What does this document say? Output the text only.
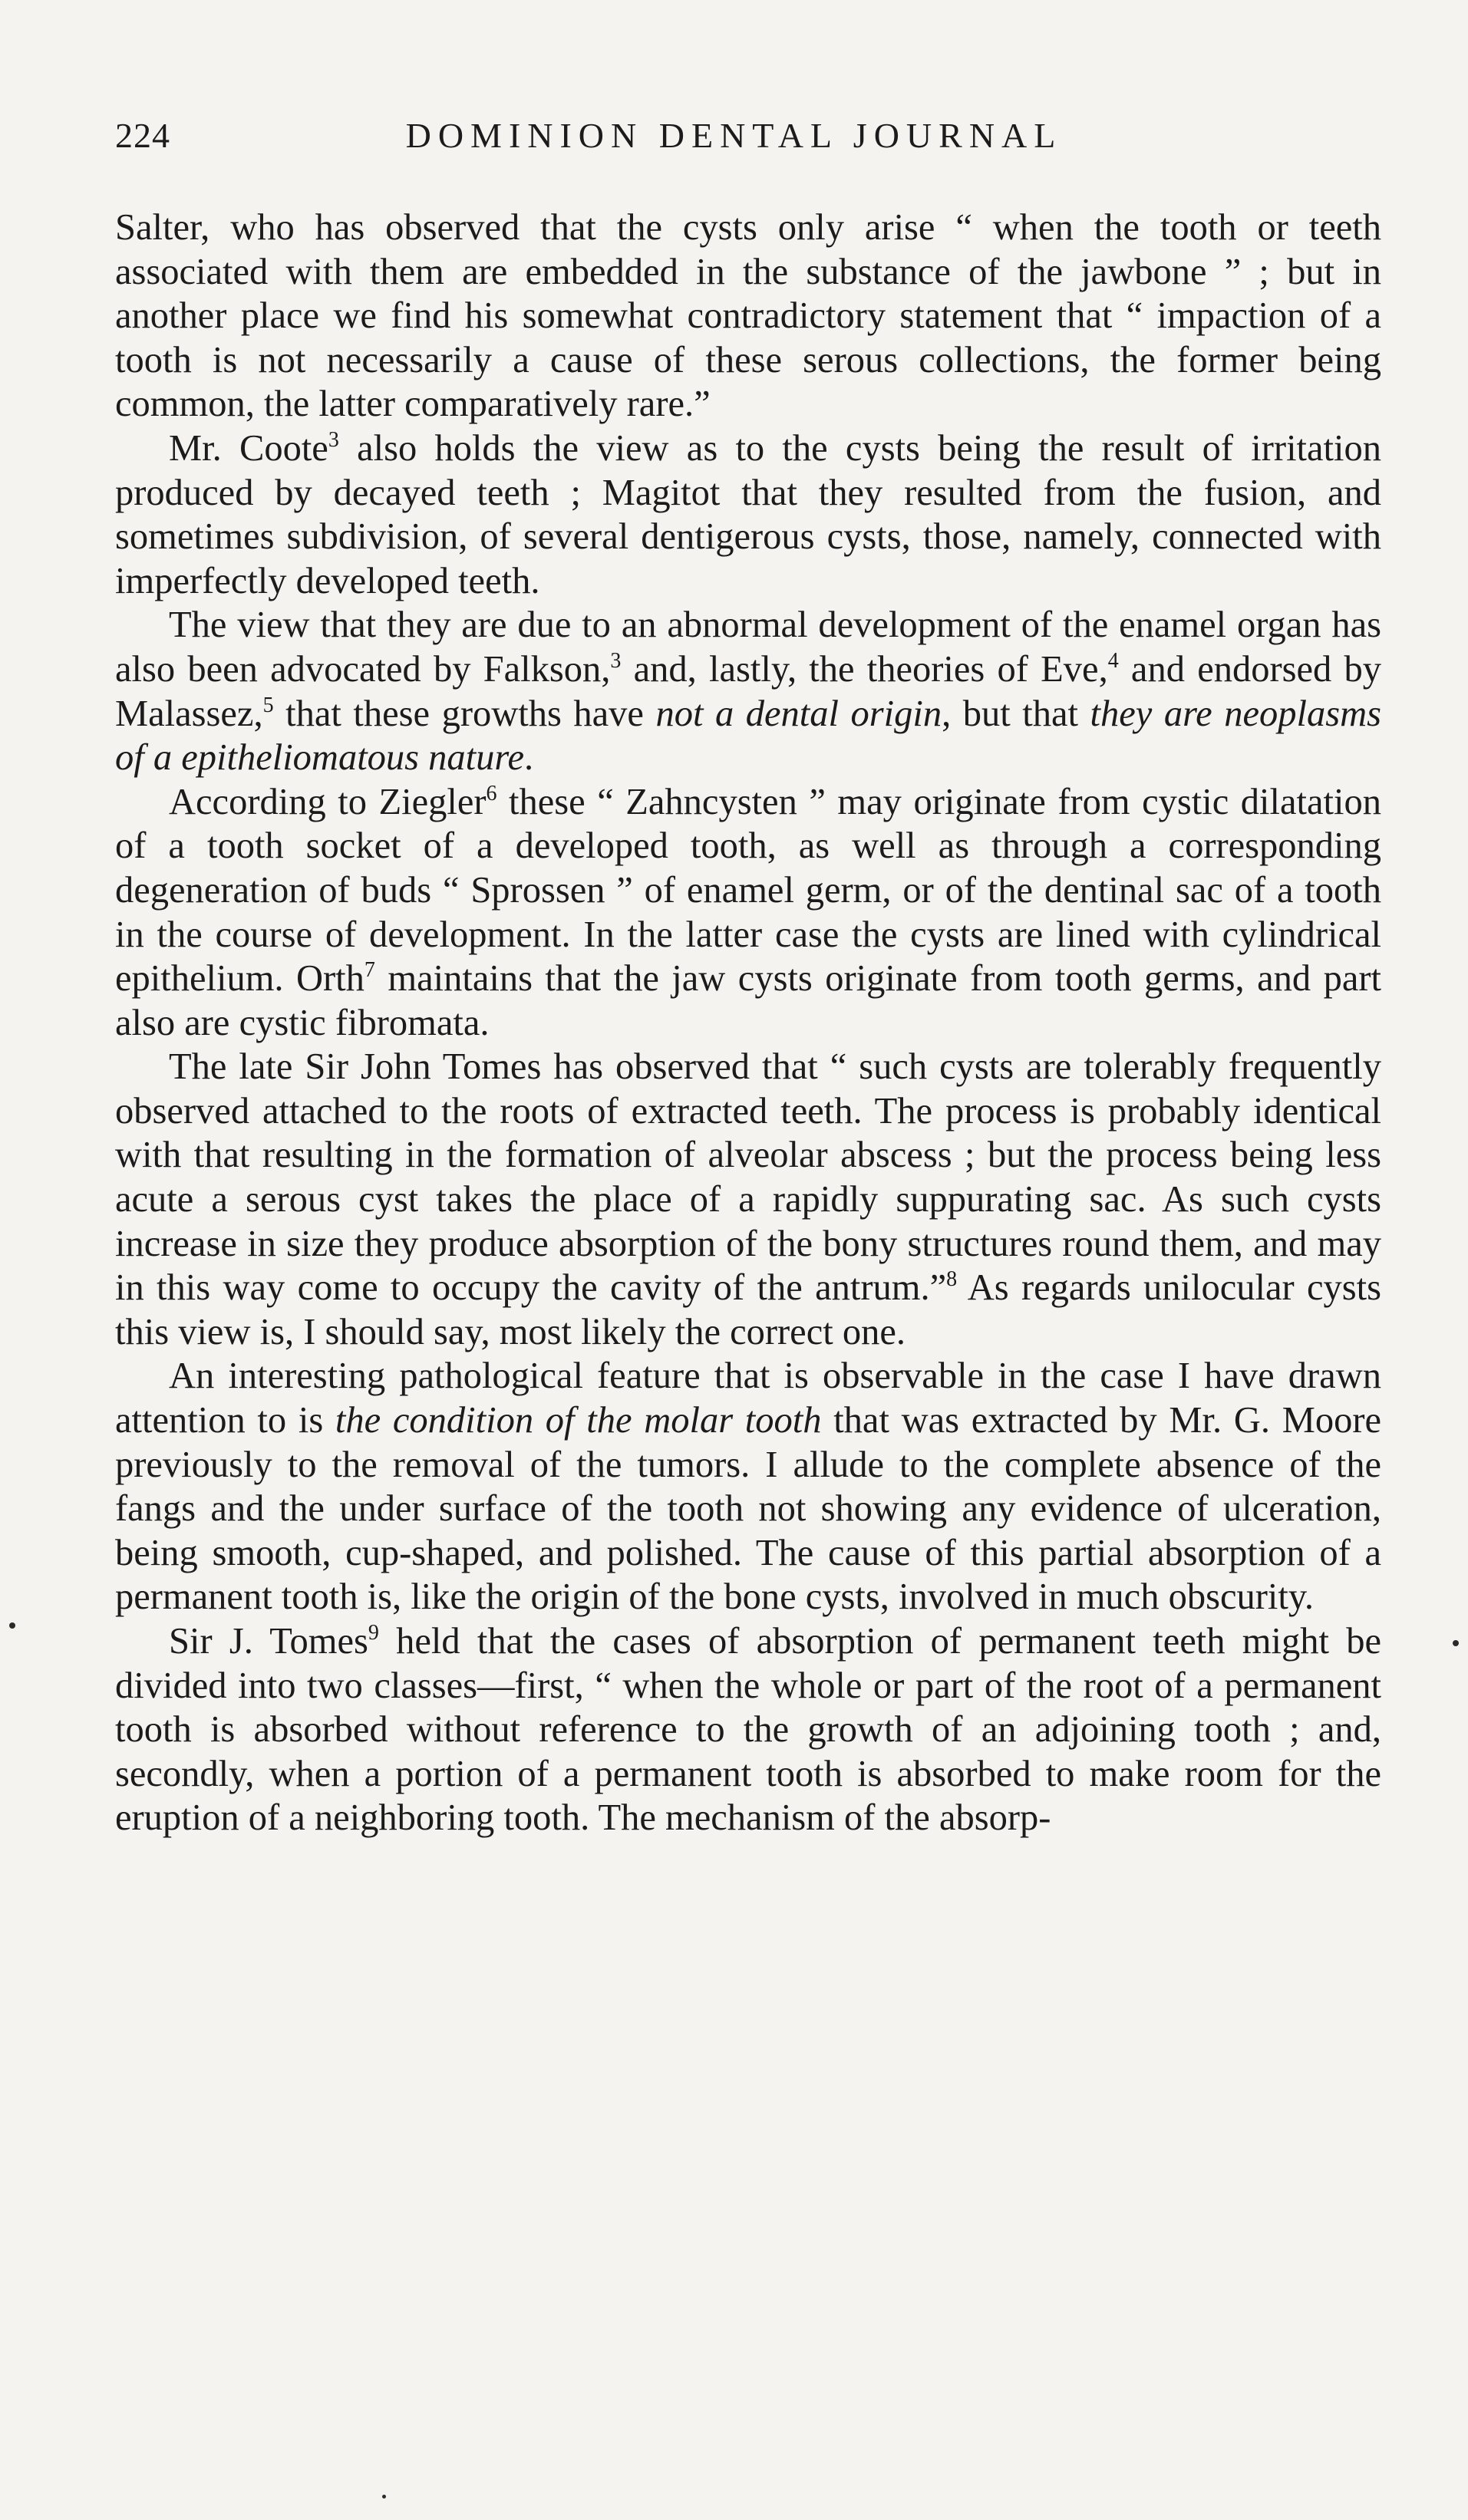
224	DOMINION DENTAL JOURNAL

Salter, who has observed that the cysts only arise “ when the tooth or teeth associated with them are embedded in the substance of the jawbone ” ; but in another place we find his somewhat contradictory statement that “ impaction of a tooth is not necessarily a cause of these serous collections, the former being common, the latter comparatively rare.”

Mr. Coote$^3$ also holds the view as to the cysts being the result of irritation produced by decayed teeth ; Magitot that they resulted from the fusion, and sometimes subdivision, of several dentigerous cysts, those, namely, connected with imperfectly developed teeth.

The view that they are due to an abnormal development of the enamel organ has also been advocated by Falkson,$^3$ and, lastly, the theories of Eve,$^4$ and endorsed by Malassez,$^5$ that these growths have not a dental origin, but that they are neoplasms of a epitheliomatous nature.

According to Ziegler$^6$ these “ Zahncysten ” may originate from cystic dilatation of a tooth socket of a developed tooth, as well as through a corresponding degeneration of buds “ Sprossen ” of enamel germ, or of the dentinal sac of a tooth in the course of development. In the latter case the cysts are lined with cylindrical epithelium. Orth$^7$ maintains that the jaw cysts originate from tooth germs, and part also are cystic fibromata.

The late Sir John Tomes has observed that “ such cysts are tolerably frequently observed attached to the roots of extracted teeth. The process is probably identical with that resulting in the formation of alveolar abscess ; but the process being less acute a serous cyst takes the place of a rapidly suppurating sac. As such cysts increase in size they produce absorption of the bony structures round them, and may in this way come to occupy the cavity of the antrum.”$^8$ As regards unilocular cysts this view is, I should say, most likely the correct one.

An interesting pathological feature that is observable in the case I have drawn attention to is the condition of the molar tooth that was extracted by Mr. G. Moore previously to the removal of the tumors. I allude to the complete absence of the fangs and the under surface of the tooth not showing any evidence of ulceration, being smooth, cup-shaped, and polished. The cause of this partial absorption of a permanent tooth is, like the origin of the bone cysts, involved in much obscurity.

Sir J. Tomes$^9$ held that the cases of absorption of permanent teeth might be divided into two classes—first, “ when the whole or part of the root of a permanent tooth is absorbed without reference to the growth of an adjoining tooth ; and, secondly, when a portion of a permanent tooth is absorbed to make room for the eruption of a neighboring tooth. The mechanism of the absorp-
